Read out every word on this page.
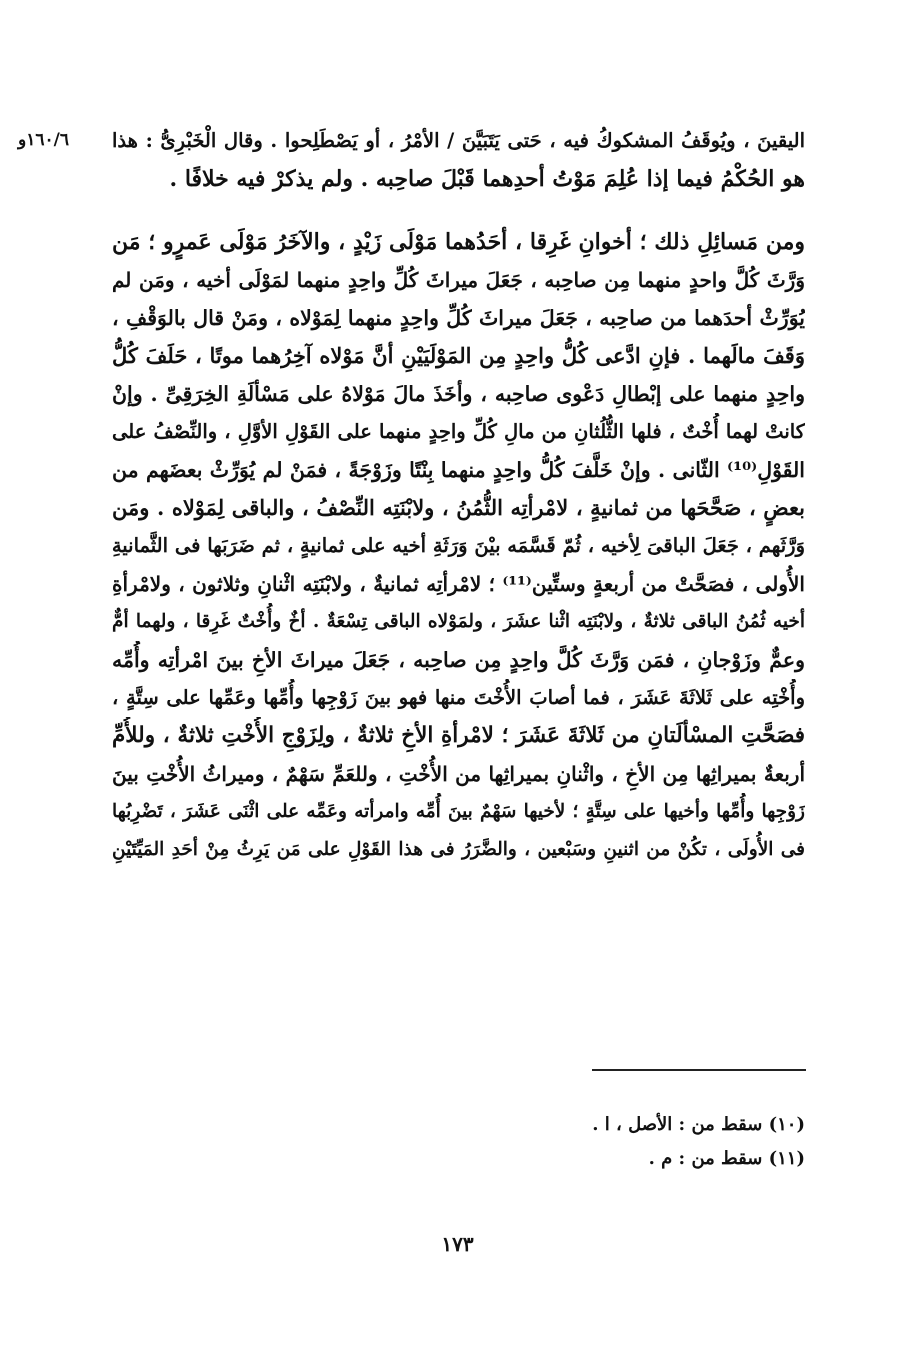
١٦٠/٦و	اليقينَ ، ويُوقَفُ المشكوكُ فيه ، حَتى يَتَبَيَّنَ / الأمْرُ ، أو يَصْطَلِحوا . وقال الْخَبْرِىُّ : هذا

هو الحُكْمُ فيما إذا عُلِمَ مَوْتُ أحدِهما قَبْلَ صاحِبه . ولم يذكرْ فيه خلافًا .

ومن مَسائِلِ ذلك ؛ أخوانِ غَرِقا ، أحَدُهما مَوْلَى زَيْدٍ ، والآخَرُ مَوْلَى عَمرٍو ؛ مَن

وَرَّثَ كُلَّ واحدٍ منهما مِن صاحِبه ، جَعَلَ ميراثَ كُلِّ واحِدٍ منهما لمَوْلَى أخيه ، ومَن لم

يُوَرِّثْ أحدَهما من صاحِبه ، جَعَلَ ميراثَ كُلِّ واحِدٍ منهما لِمَوْلاه ، ومَنْ قال بالوَقْفِ ،

وَقَفَ مالَهما . فإنِ ادَّعى كُلُّ واحِدٍ مِن المَوْلَيَيْنِ أنَّ مَوْلاه آخِرُهما موتًا ، حَلَفَ كُلُّ

واحِدٍ منهما على إبْطالِ دَعْوى صاحِبه ، وأخَذَ مالَ مَوْلاهُ على مَسْألَةِ الخِرَقِىِّ . وإنْ

كانتْ لهما أُخْتٌ ، فلها الثُّلُثانِ من مالِ كُلِّ واحِدٍ منهما على القَوْلِ الأوَّلِ ، والنِّصْفُ على

القَوْلِ⁽¹⁰⁾ الثّانى . وإنْ خَلَّفَ كُلُّ واحِدٍ منهما بِنْتًا وزَوْجَةً ، فمَنْ لم يُوَرِّثْ بعضَهم من

بعضٍ ، صَحَّحَها من ثمانيةٍ ، لامْرأتِه الثُّمُنُ ، ولابْنَتِه النِّصْفُ ، والباقى لِمَوْلاه . ومَن

وَرَّثَهم ، جَعَلَ الباقىَ لِأخيه ، ثُمّ قَسَّمَه بيْنَ وَرَثَةِ أخيه على ثمانيةٍ ، ثم ضَرَبَها فى الثَّمانيةِ

الأُولى ، فصَحَّتْ من أربعةٍ وستِّين⁽¹¹⁾ ؛ لامْرأتِه ثمانيةٌ ، ولابْنَتِه اثْنانِ وثلاثون ، ولامْرأةِ

أخيه ثُمُنُ الباقى ثلاثةٌ ، ولابْنَتِه اثْنا عشَرَ ، ولمَوْلاه الباقى تِسْعَةٌ . أخٌ وأُخْتٌ غَرِقا ، ولهما أمٌّ

وعمٌّ وزَوْجانِ ، فمَن وَرَّثَ كُلَّ واحِدٍ مِن صاحِبه ، جَعَلَ ميراثَ الأخِ بينَ امْرأتِه وأُمِّه

وأُخْتِه على ثَلاثَةَ عَشَرَ ، فما أصابَ الأُخْتَ منها فهو بينَ زَوْجِها وأُمِّها وعَمِّها على سِتَّةٍ ،

فصَحَّتِ المسْألَتانِ من ثَلاثَةَ عَشَرَ ؛ لامْرأةِ الأخِ ثلاثةٌ ، ولِزَوْجِ الأُخْتِ ثلاثةٌ ، وللأُمِّ

أربعةٌ بميراثِها مِن الأخِ ، واثْنانِ بميراثِها من الأُخْتِ ، وللعَمِّ سَهْمٌ ، وميراثُ الأُخْتِ بينَ

زَوْجِها وأُمِّها وأخيها على سِتَّةٍ ؛ لأخيها سَهْمٌ بينَ أُمِّه وامرأته وعَمِّه على اثْنَى عَشَرَ ، تَضْرِبُها

فى الأُولَى ، تكُنْ من اثنينِ وسَبْعين ، والضَّرَرُ فى هذا القَوْلِ على مَن يَرِثُ مِنْ أحَدِ المَيِّتَيْنِ

(١٠) سقط من : الأصل ، ا .
(١١) سقط من : م .
١٧٣
